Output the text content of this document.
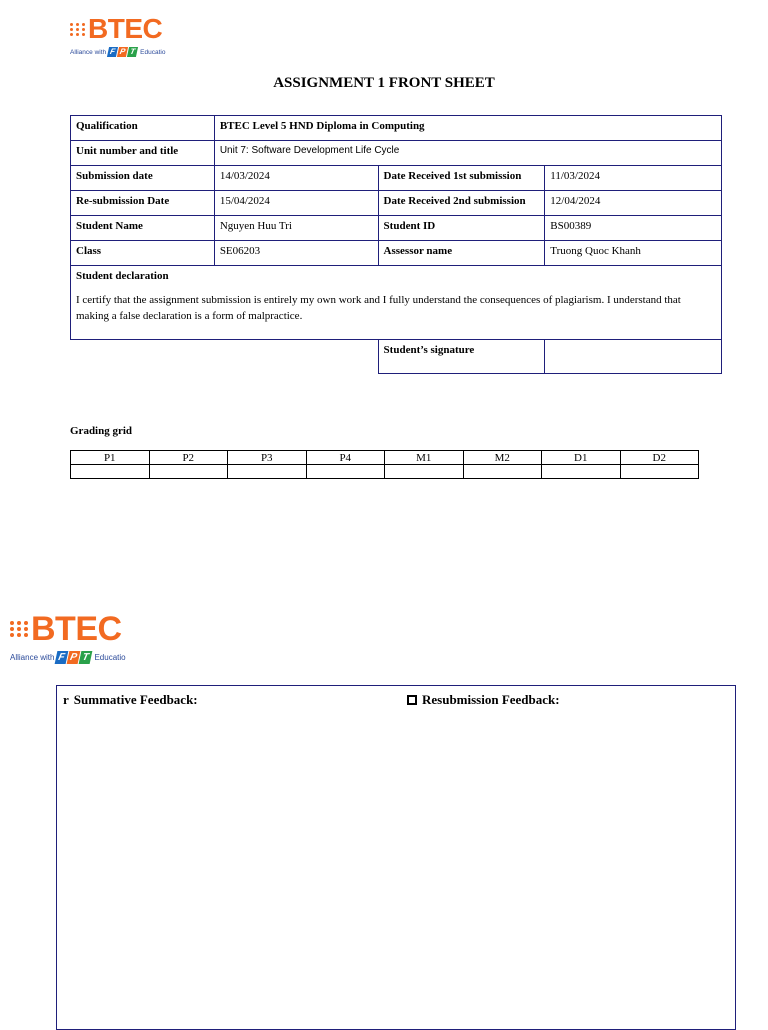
BTEC
Alliance with F P T Educatio
ASSIGNMENT 1 FRONT SHEET
Qualification	BTEC Level 5 HND Diploma in Computing		
Unit number and title	Unit 7: Software Development Life Cycle		
Submission date	14/03/2024	Date Received 1st submission	11/03/2024
Re-submission Date	15/04/2024	Date Received 2nd submission	12/04/2024
Student Name	Nguyen Huu Tri	Student ID	BS00389
Class	SE06203	Assessor name	Truong Quoc Khanh

Student declaration
I certify that the assignment submission is entirely my own work and I fully understand the consequences of plagiarism. I understand that making a false declaration is a form of malpractice.			

		Student’s signature	
Grading grid
P1	P2	P3	P4	M1	M2	D1	D2

BTEC
Alliance with F P T Educatio
r Summative Feedback:	Resubmission Feedback:
